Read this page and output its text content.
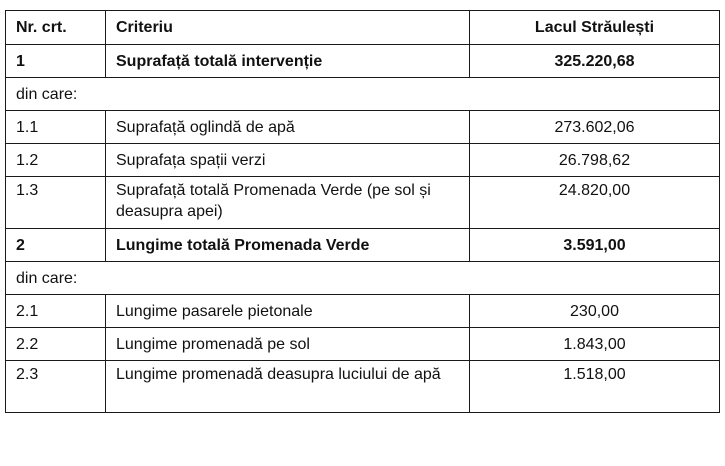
Nr. crt.	Criteriu	Lacul Străulești
1	Suprafață totală intervenție	325.220,68
din care:		
1.1	Suprafață oglindă de apă	273.602,06
1.2	Suprafața spații verzi	26.798,62
1.3	Suprafață totală Promenada Verde (pe sol și deasupra apei)	24.820,00
2	Lungime totală Promenada Verde	3.591,00
din care:		
2.1	Lungime pasarele pietonale	230,00
2.2	Lungime promenadă pe sol	1.843,00
2.3	Lungime promenadă deasupra luciului de apă	1.518,00
